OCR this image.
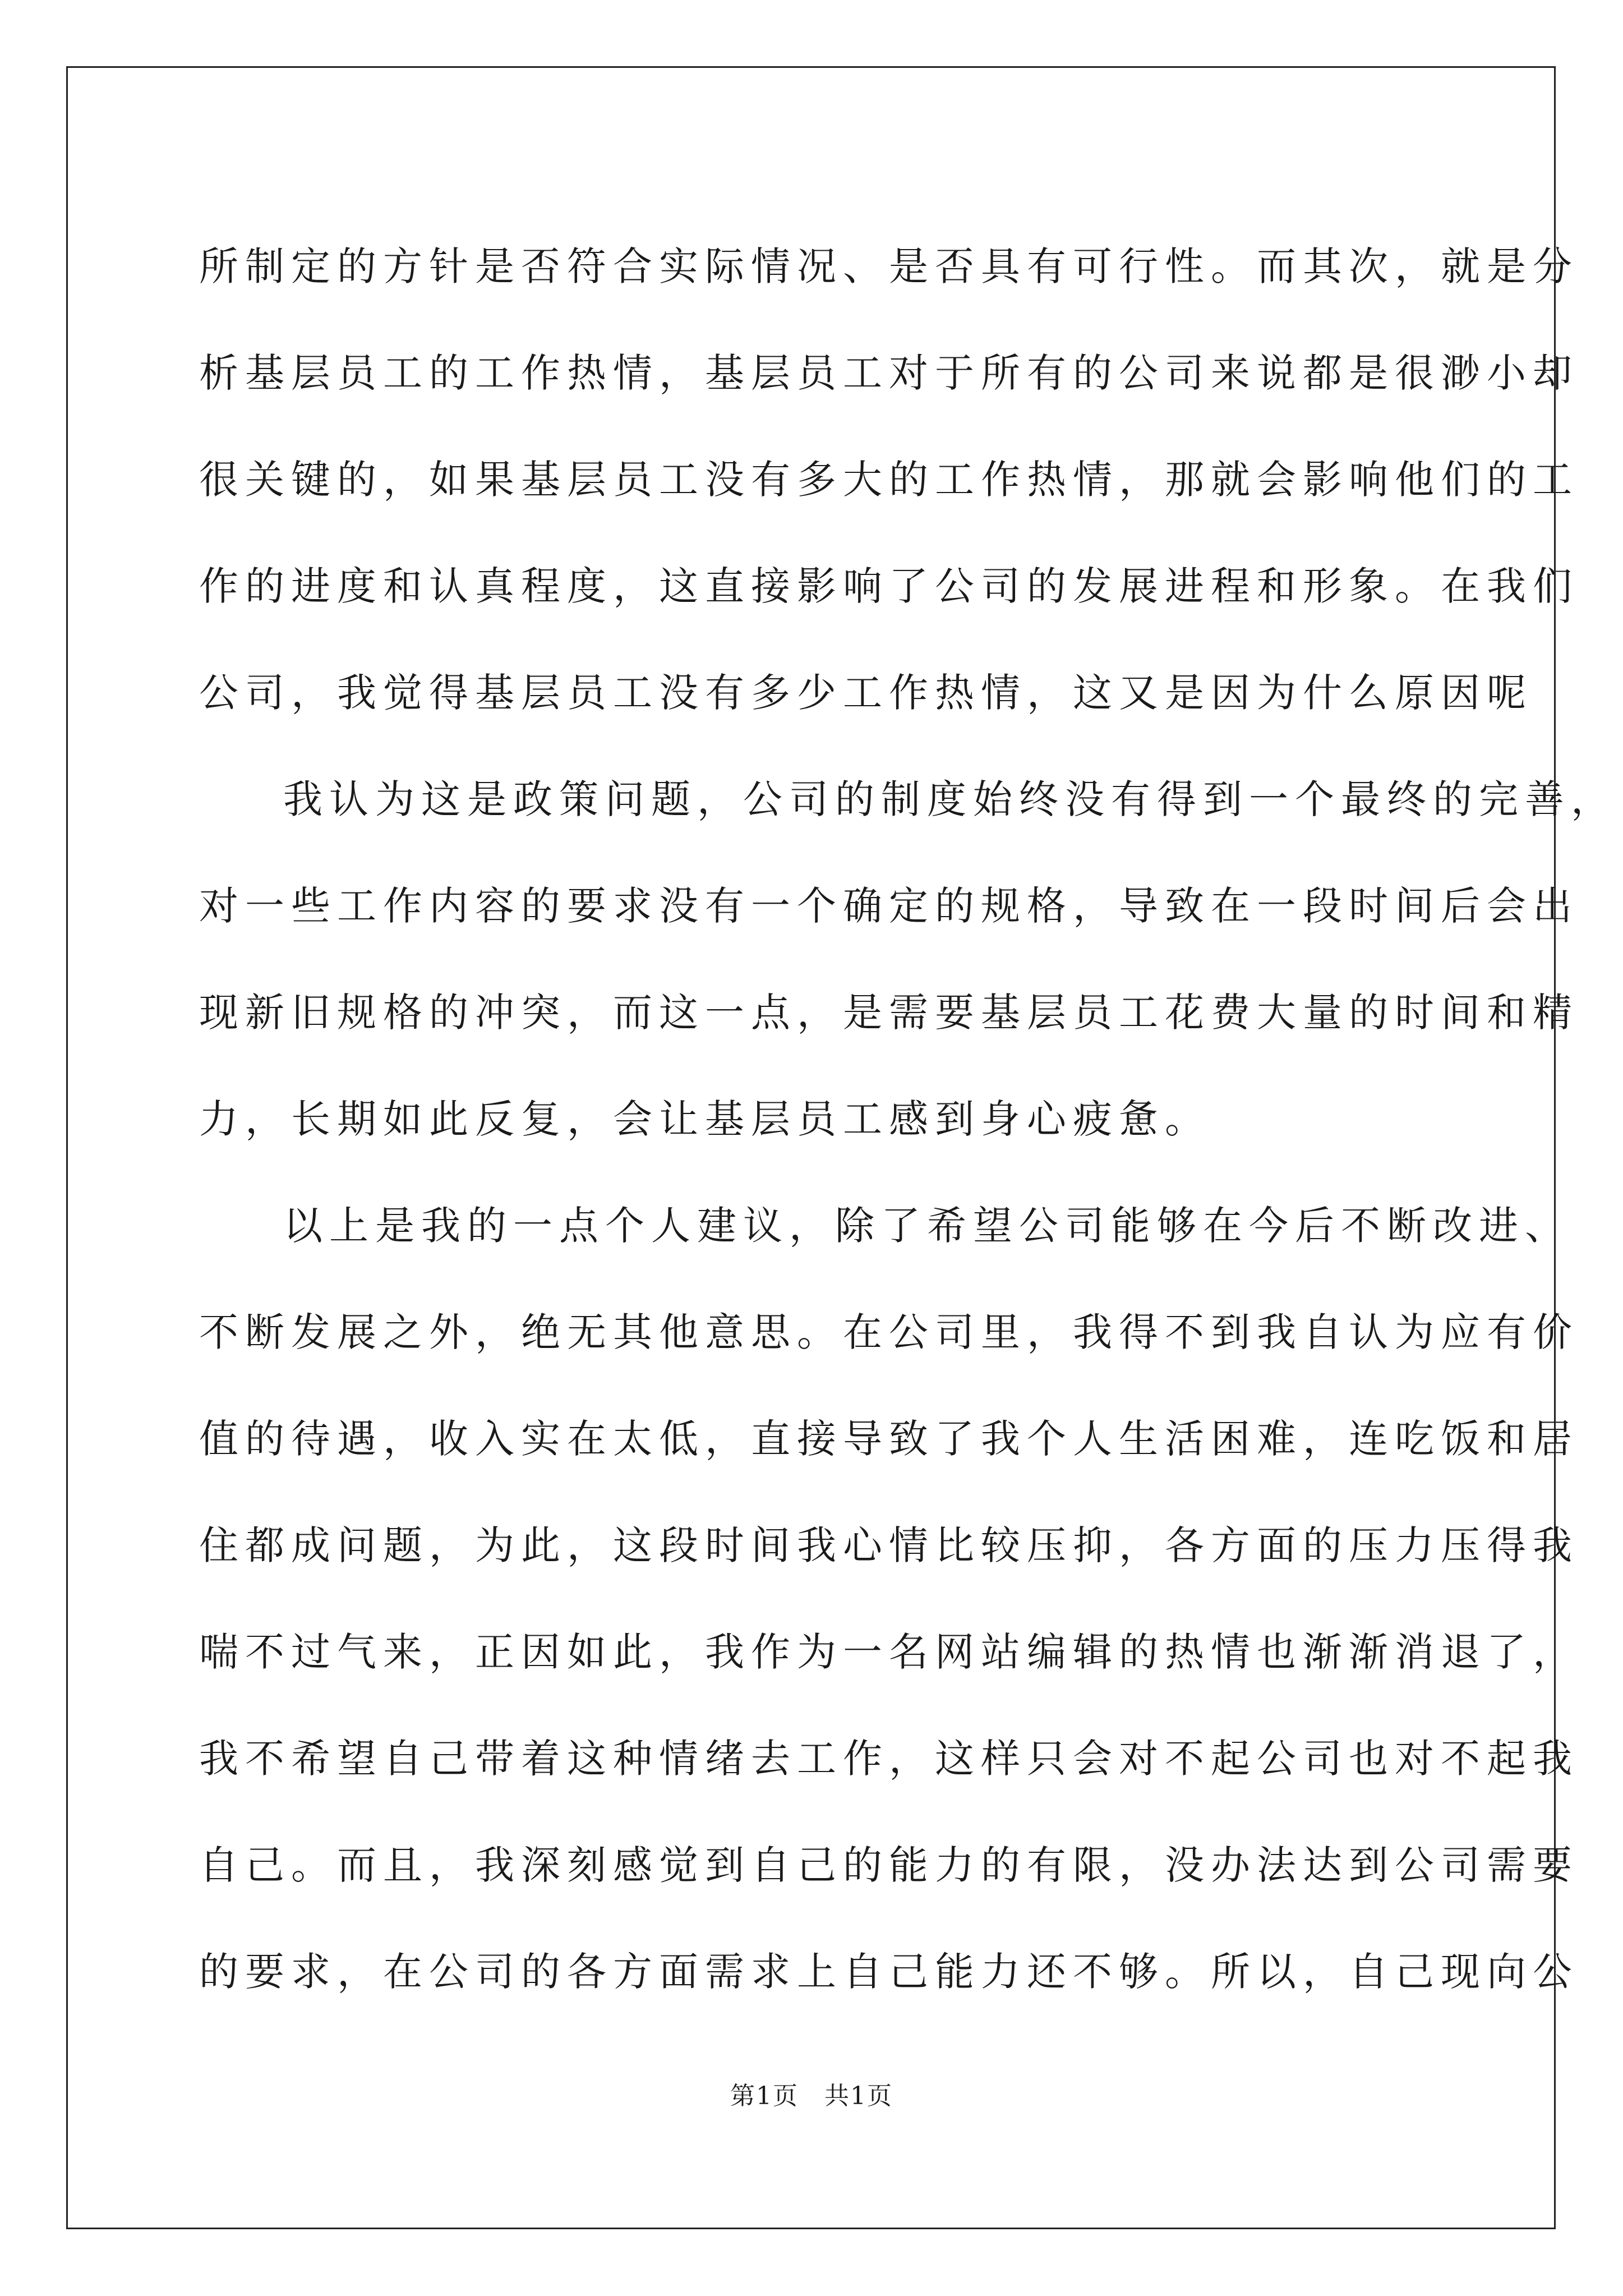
所制定的方针是否符合实际情况、是否具有可行性。而其次，就是分
析基层员工的工作热情，基层员工对于所有的公司来说都是很渺小却
很关键的，如果基层员工没有多大的工作热情，那就会影响他们的工
作的进度和认真程度，这直接影响了公司的发展进程和形象。在我们
公司，我觉得基层员工没有多少工作热情，这又是因为什么原因呢
我认为这是政策问题，公司的制度始终没有得到一个最终的完善，
对一些工作内容的要求没有一个确定的规格，导致在一段时间后会出
现新旧规格的冲突，而这一点，是需要基层员工花费大量的时间和精
力，长期如此反复，会让基层员工感到身心疲惫。
以上是我的一点个人建议，除了希望公司能够在今后不断改进、
不断发展之外，绝无其他意思。在公司里，我得不到我自认为应有价
值的待遇，收入实在太低，直接导致了我个人生活困难，连吃饭和居
住都成问题，为此，这段时间我心情比较压抑，各方面的压力压得我
喘不过气来，正因如此，我作为一名网站编辑的热情也渐渐消退了，
我不希望自己带着这种情绪去工作，这样只会对不起公司也对不起我
自己。而且，我深刻感觉到自己的能力的有限，没办法达到公司需要
的要求，在公司的各方面需求上自己能力还不够。所以，自己现向公
第1页　共1页
